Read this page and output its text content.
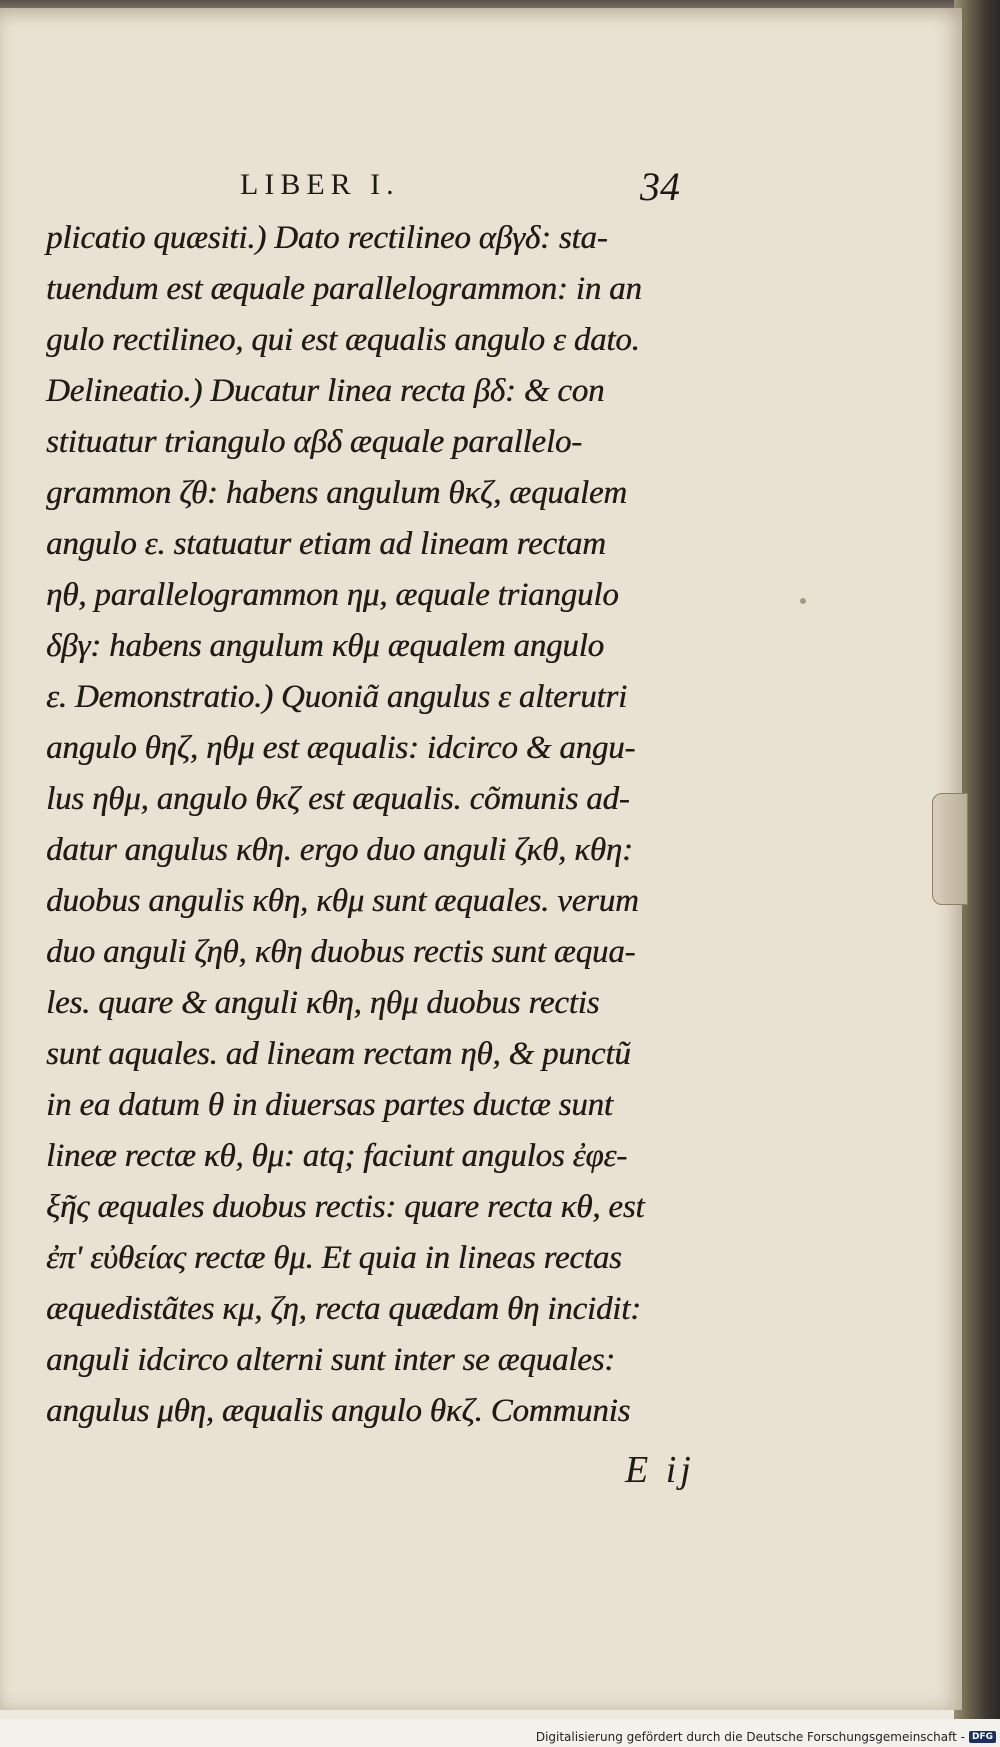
LIBER I.	34
plicatio quæsiti.) Dato rectilineo αβγδ: sta-
tuendum est æquale parallelogrammon: in an
gulo rectilineo, qui est æqualis angulo ε dato.
Delineatio.) Ducatur linea recta βδ: & con
stituatur triangulo αβδ æquale parallelo-
grammon ζθ: habens angulum θκζ, æqualem
angulo ε. statuatur etiam ad lineam rectam
ηθ, parallelogrammon ημ, æquale triangulo
δβγ: habens angulum κθμ æqualem angulo
ε. Demonstratio.) Quoniã angulus ε alterutri
angulo θηζ, ηθμ est æqualis: idcirco & angu-
lus ηθμ, angulo θκζ est æqualis. cõmunis ad-
datur angulus κθη. ergo duo anguli ζκθ, κθη:
duobus angulis κθη, κθμ sunt æquales. verum
duo anguli ζηθ, κθη duobus rectis sunt æqua-
les. quare & anguli κθη, ηθμ duobus rectis
sunt aquales. ad lineam rectam ηθ, & punctũ
in ea datum θ in diuersas partes ductæ sunt
lineæ rectæ κθ, θμ: atq; faciunt angulos ἐφε-
ξῆς æquales duobus rectis: quare recta κθ, est
ἐπ' εὐθείας rectæ θμ. Et quia in lineas rectas
æquedistãtes κμ, ζη, recta quædam θη incidit:
anguli idcirco alterni sunt inter se æquales:
angulus μθη, æqualis angulo θκζ. Communis
E ij
Digitalisierung gefördert durch die Deutsche Forschungsgemeinschaft - DFG
